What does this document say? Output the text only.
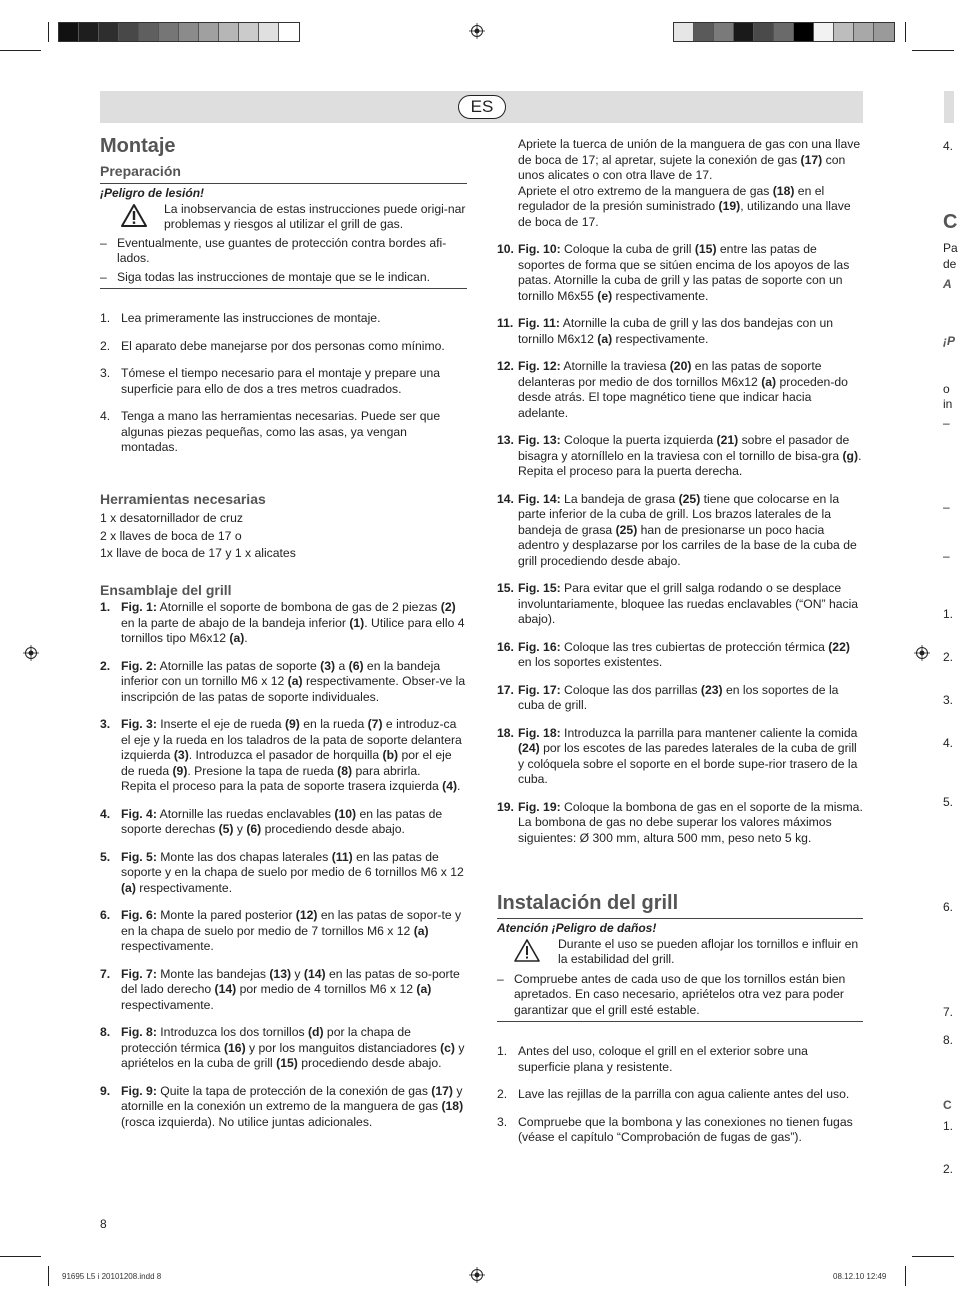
ES
Montaje
Preparación
¡Peligro de lesión!
La inobservancia de estas instrucciones puede origi-nar problemas y riesgos al utilizar el grill de gas.
– Eventualmente, use guantes de protección contra bordes afi-lados.
– Siga todas las instrucciones de montaje que se le indican.
1. Lea primeramente las instrucciones de montaje.
2. El aparato debe manejarse por dos personas como mínimo.
3. Tómese el tiempo necesario para el montaje y prepare una superficie para ello de dos a tres metros cuadrados.
4. Tenga a mano las herramientas necesarias. Puede ser que algunas piezas pequeñas, como las asas, ya vengan montadas.
Herramientas necesarias
1 x desatornillador de cruz
2 x llaves de boca de 17 o
1x llave de boca de 17 y 1 x alicates
Ensamblaje del grill
1. Fig. 1: Atornille el soporte de bombona de gas de 2 piezas (2) en la parte de abajo de la bandeja inferior (1). Utilice para ello 4 tornillos tipo M6x12 (a).
2. Fig. 2: Atornille las patas de soporte (3) a (6) en la bandeja inferior con un tornillo M6 x 12 (a) respectivamente. Obser-ve la inscripción de las patas de soporte individuales.
3. Fig. 3: Inserte el eje de rueda (9) en la rueda (7) e introduz-ca el eje y la rueda en los taladros de la pata de soporte delantera izquierda (3). Introduzca el pasador de horquilla (b) por el eje de rueda (9). Presione la tapa de rueda (8) para abrirla.
Repita el proceso para la pata de soporte trasera izquierda (4).
4. Fig. 4: Atornille las ruedas enclavables (10) en las patas de soporte derechas (5) y (6) procediendo desde abajo.
5. Fig. 5: Monte las dos chapas laterales (11) en las patas de soporte y en la chapa de suelo por medio de 6 tornillos M6 x 12 (a) respectivamente.
6. Fig. 6: Monte la pared posterior (12) en las patas de sopor-te y en la chapa de suelo por medio de 7 tornillos M6 x 12 (a) respectivamente.
7. Fig. 7: Monte las bandejas (13) y (14) en las patas de so-porte del lado derecho (14) por medio de 4 tornillos M6 x 12 (a) respectivamente.
8. Fig. 8: Introduzca los dos tornillos (d) por la chapa de protección térmica (16) y por los manguitos distanciadores (c) y apriételos en la cuba de grill (15) procediendo desde abajo.
9. Fig. 9: Quite la tapa de protección de la conexión de gas (17) y atornille en la conexión un extremo de la manguera de gas (18) (rosca izquierda). No utilice juntas adicionales.
Apriete la tuerca de unión de la manguera de gas con una llave de boca de 17; al apretar, sujete la conexión de gas (17) con unos alicates o con otra llave de 17.
Apriete el otro extremo de la manguera de gas (18) en el regulador de la presión suministrado (19), utilizando una llave de boca de 17.
10. Fig. 10: Coloque la cuba de grill (15) entre las patas de soportes de forma que se sitúen encima de los apoyos de las patas. Atornille la cuba de grill y las patas de soporte con un tornillo M6x55 (e) respectivamente.
11. Fig. 11: Atornille la cuba de grill y las dos bandejas con un tornillo M6x12 (a) respectivamente.
12. Fig. 12: Atornille la traviesa (20) en las patas de soporte delanteras por medio de dos tornillos M6x12 (a) proceden-do desde atrás. El tope magnético tiene que indicar hacia adelante.
13. Fig. 13: Coloque la puerta izquierda (21) sobre el pasador de bisagra y atorníllelo en la traviesa con el tornillo de bisa-gra (g).
Repita el proceso para la puerta derecha.
14. Fig. 14: La bandeja de grasa (25) tiene que colocarse en la parte inferior de la cuba de grill. Los brazos laterales de la bandeja de grasa (25) han de presionarse un poco hacia adentro y desplazarse por los carriles de la base de la cuba de grill procediendo desde abajo.
15. Fig. 15: Para evitar que el grill salga rodando o se desplace involuntariamente, bloquee las ruedas enclavables (“ON” hacia abajo).
16. Fig. 16: Coloque las tres cubiertas de protección térmica (22) en los soportes existentes.
17. Fig. 17: Coloque las dos parrillas (23) en los soportes de la cuba de grill.
18. Fig. 18: Introduzca la parrilla para mantener caliente la comida (24) por los escotes de las paredes laterales de la cuba de grill y colóquela sobre el soporte en el borde supe-rior trasero de la cuba.
19. Fig. 19: Coloque la bombona de gas en el soporte de la misma. La bombona de gas no debe superar los valores máximos siguientes: Ø 300 mm, altura 500 mm, peso neto 5 kg.
Instalación del grill
Atención ¡Peligro de daños!
Durante el uso se pueden aflojar los tornillos e influir en la estabilidad del grill.
– Compruebe antes de cada uso de que los tornillos están bien apretados. En caso necesario, apriételos otra vez para poder garantizar que el grill esté estable.
1. Antes del uso, coloque el grill en el exterior sobre una superficie plana y resistente.
2. Lave las rejillas de la parrilla con agua caliente antes del uso.
3. Compruebe que la bombona y las conexiones no tienen fugas (véase el capítulo “Comprobación de fugas de gas”).
4.
C
Pa
de
A
¡P
o
in
–
–
–
1.
2.
3.
4.
5.
6.
7.
8.
C
1.
2.
8
91695 L5 i 20101208.indd 8	08.12.10 12:49
